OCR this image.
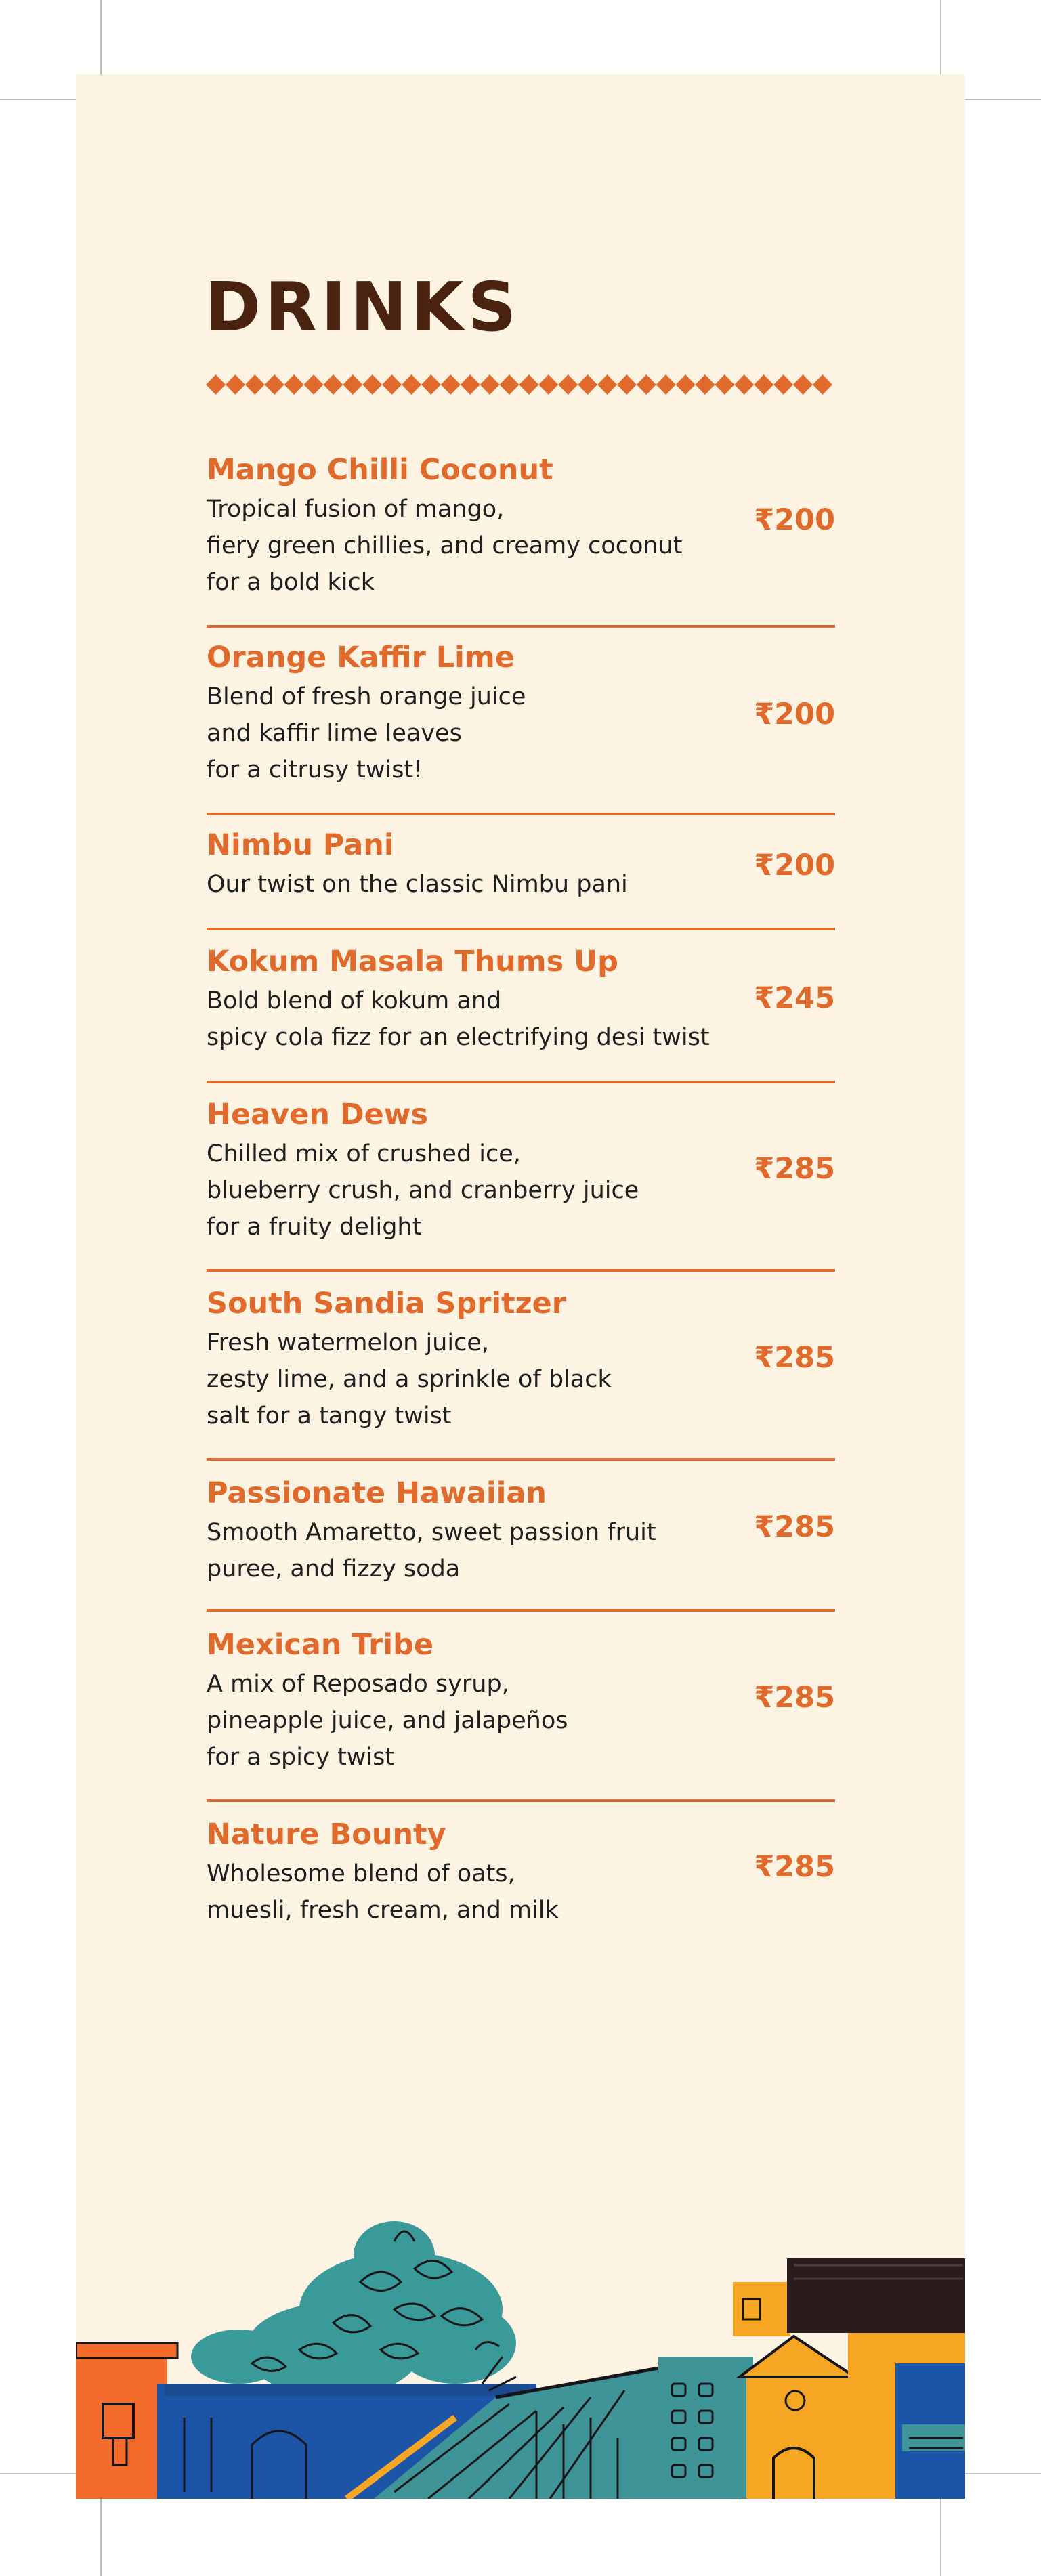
DRINKS
Mango Chilli Coconut
Tropical fusion of mango,
fiery green chillies, and creamy coconut
for a bold kick
₹200
Orange Kaffir Lime
Blend of fresh orange juice
and kaffir lime leaves
for a citrusy twist!
₹200
Nimbu Pani
Our twist on the classic Nimbu pani
₹200
Kokum Masala Thums Up
Bold blend of kokum and
spicy cola fizz for an electrifying desi twist
₹245
Heaven Dews
Chilled mix of crushed ice,
blueberry crush, and cranberry juice
for a fruity delight
₹285
South Sandia Spritzer
Fresh watermelon juice,
zesty lime, and a sprinkle of black
salt for a tangy twist
₹285
Passionate Hawaiian
Smooth Amaretto, sweet passion fruit
puree, and fizzy soda
₹285
Mexican Tribe
A mix of Reposado syrup,
pineapple juice, and jalapeños
for a spicy twist
₹285
Nature Bounty
Wholesome blend of oats,
muesli, fresh cream, and milk
₹285
